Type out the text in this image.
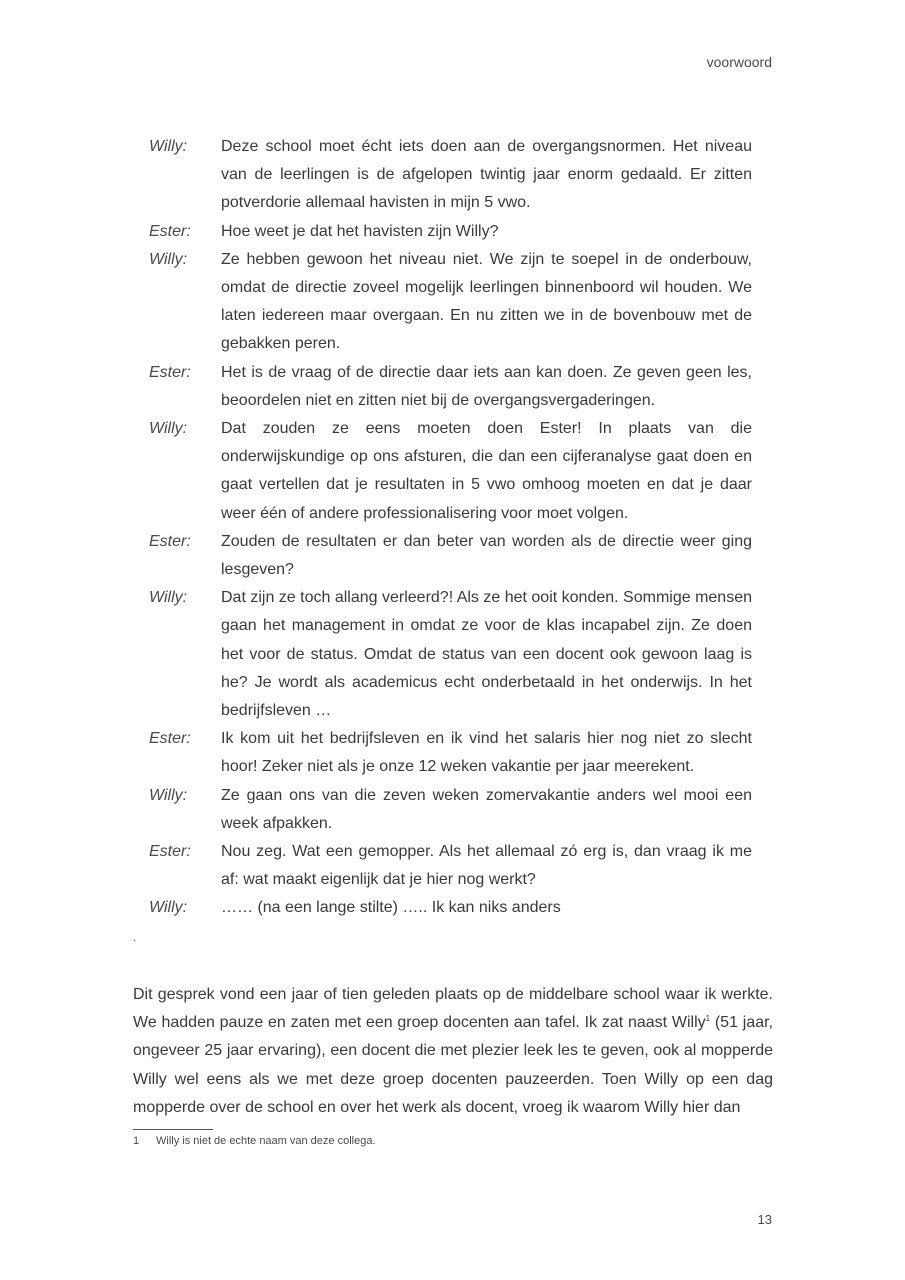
voorwoord
Willy:	Deze school moet écht iets doen aan de overgangsnormen. Het niveau van de leerlingen is de afgelopen twintig jaar enorm gedaald. Er zitten potverdorie allemaal havisten in mijn 5 vwo.
Ester:	Hoe weet je dat het havisten zijn Willy?
Willy:	Ze hebben gewoon het niveau niet. We zijn te soepel in de onderbouw, omdat de directie zoveel mogelijk leerlingen binnenboord wil houden. We laten iedereen maar overgaan. En nu zitten we in de bovenbouw met de gebakken peren.
Ester:	Het is de vraag of de directie daar iets aan kan doen. Ze geven geen les, beoordelen niet en zitten niet bij de overgangsvergaderingen.
Willy:	Dat zouden ze eens moeten doen Ester! In plaats van die onderwijskundige op ons afsturen, die dan een cijferanalyse gaat doen en gaat vertellen dat je resultaten in 5 vwo omhoog moeten en dat je daar weer één of andere professionalisering voor moet volgen.
Ester:	Zouden de resultaten er dan beter van worden als de directie weer ging lesgeven?
Willy:	Dat zijn ze toch allang verleerd?! Als ze het ooit konden. Sommige mensen gaan het management in omdat ze voor de klas incapabel zijn. Ze doen het voor de status. Omdat de status van een docent ook gewoon laag is he? Je wordt als academicus echt onderbetaald in het onderwijs. In het bedrijfsleven …
Ester:	Ik kom uit het bedrijfsleven en ik vind het salaris hier nog niet zo slecht hoor! Zeker niet als je onze 12 weken vakantie per jaar meerekent.
Willy:	Ze gaan ons van die zeven weken zomervakantie anders wel mooi een week afpakken.
Ester:	Nou zeg. Wat een gemopper. Als het allemaal zó erg is, dan vraag ik me af: wat maakt eigenlijk dat je hier nog werkt?
Willy:	…… (na een lange stilte) ….. Ik kan niks anders
.

Dit gesprek vond een jaar of tien geleden plaats op de middelbare school waar ik werkte. We hadden pauze en zaten met een groep docenten aan tafel. Ik zat naast Willy$^1$ (51 jaar, ongeveer 25 jaar ervaring), een docent die met plezier leek les te geven, ook al mopperde Willy wel eens als we met deze groep docenten pauzeerden. Toen Willy op een dag mopperde over de school en over het werk als docent, vroeg ik waarom Willy hier dan

1	Willy is niet de echte naam van deze collega.
13
